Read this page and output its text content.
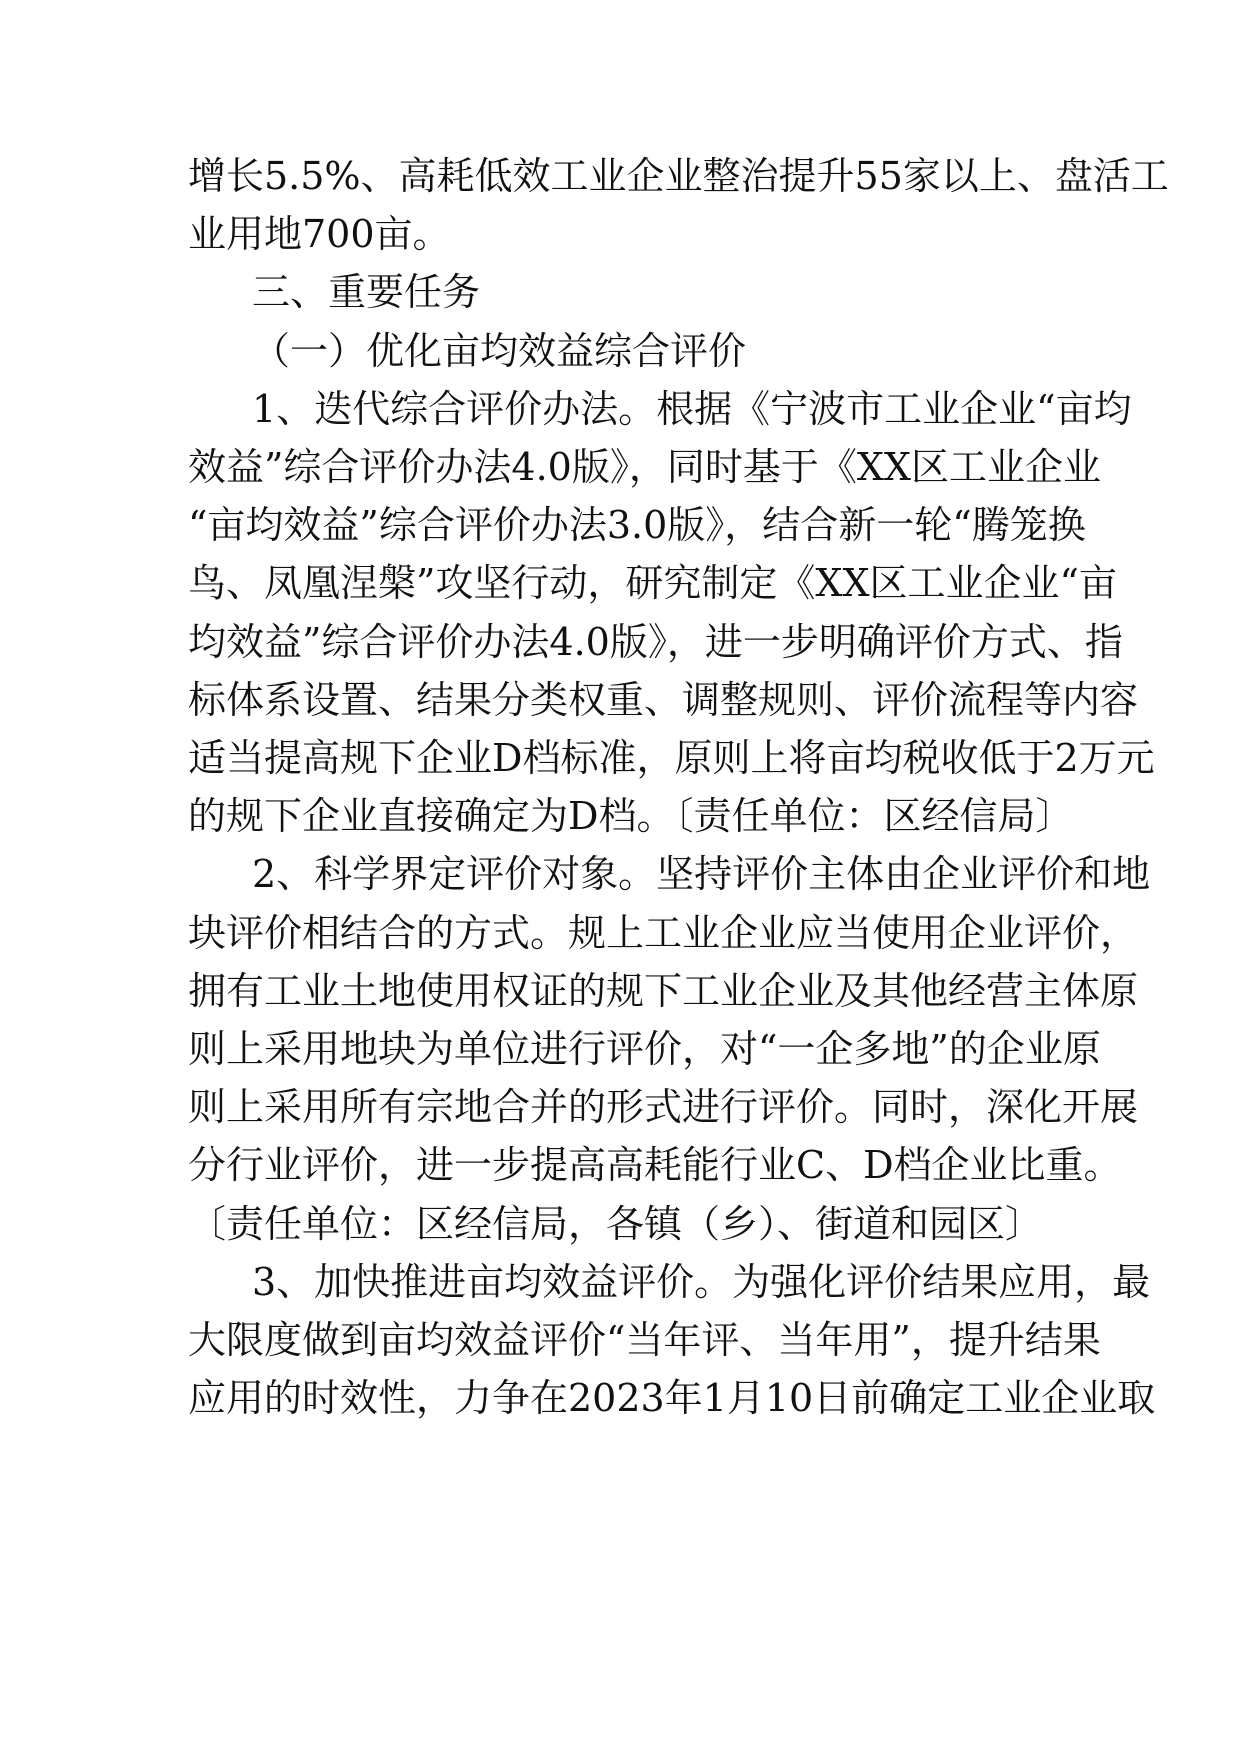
增长5.5%、高耗低效工业企业整治提升55家以上、盘活工
业用地700亩。
三、重要任务
（一）优化亩均效益综合评价
1、迭代综合评价办法。根据《宁波市工业企业“亩均
效益”综合评价办法4.0版》，同时基于《XX区工业企业
“亩均效益”综合评价办法3.0版》，结合新一轮“腾笼换
鸟、凤凰涅槃”攻坚行动，研究制定《XX区工业企业“亩
均效益”综合评价办法4.0版》，进一步明确评价方式、指
标体系设置、结果分类权重、调整规则、评价流程等内容
适当提高规下企业D档标准，原则上将亩均税收低于2万元
的规下企业直接确定为D档。〔责任单位：区经信局〕
2、科学界定评价对象。坚持评价主体由企业评价和地
块评价相结合的方式。规上工业企业应当使用企业评价，
拥有工业土地使用权证的规下工业企业及其他经营主体原
则上采用地块为单位进行评价，对“一企多地”的企业原
则上采用所有宗地合并的形式进行评价。同时，深化开展
分行业评价，进一步提高高耗能行业C、D档企业比重。
〔责任单位：区经信局，各镇（乡）、街道和园区〕
3、加快推进亩均效益评价。为强化评价结果应用，最
大限度做到亩均效益评价“当年评、当年用”，提升结果
应用的时效性，力争在2023年1月10日前确定工业企业取
